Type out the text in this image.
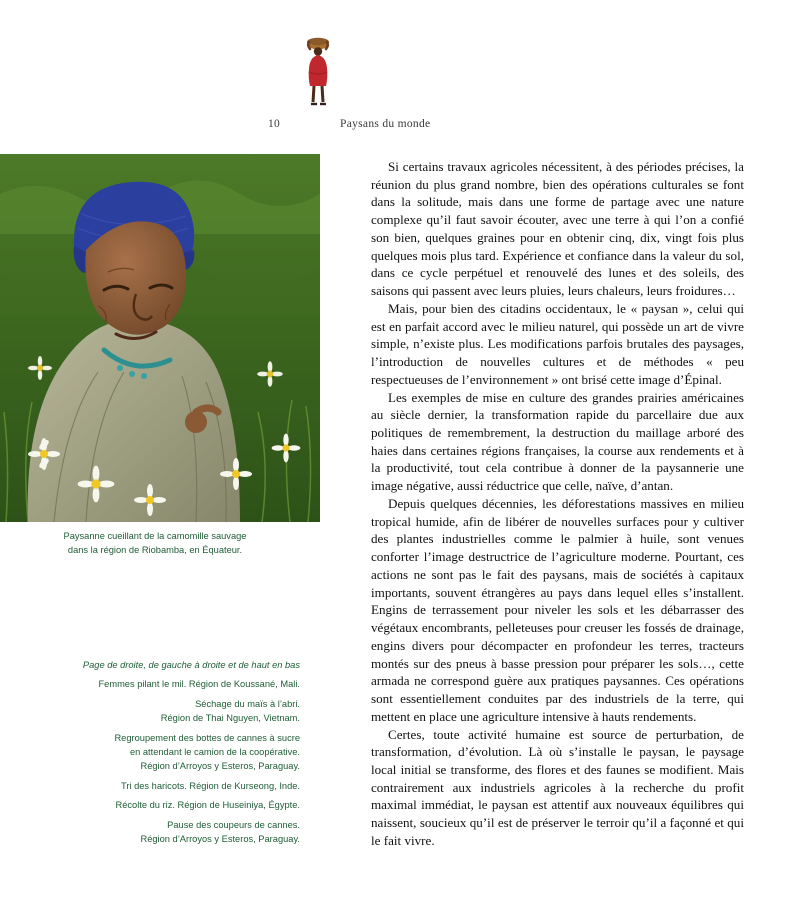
10	Paysans du monde
Paysanne cueillant de la camomille sauvage
dans la région de Riobamba, en Équateur.
Page de droite, de gauche à droite et de haut en bas
Femmes pilant le mil. Région de Koussané, Mali.
Séchage du maïs à l’abri.
Région de Thai Nguyen, Vietnam.
Regroupement des bottes de cannes à sucre
en attendant le camion de la coopérative.
Région d’Arroyos y Esteros, Paraguay.
Tri des haricots. Région de Kurseong, Inde.
Récolte du riz. Région de Huseiniya, Égypte.
Pause des coupeurs de cannes.
Région d’Arroyos y Esteros, Paraguay.

Si certains travaux agricoles nécessitent, à des périodes précises, la réunion du plus grand nombre, bien des opérations culturales se font dans la solitude, mais dans une forme de partage avec une nature complexe qu’il faut savoir écouter, avec une terre à qui l’on a confié son bien, quelques graines pour en obtenir cinq, dix, vingt fois plus quelques mois plus tard. Expérience et confiance dans la valeur du sol, dans ce cycle perpétuel et renouvelé des lunes et des soleils, des saisons qui passent avec leurs pluies, leurs chaleurs, leurs froidures…

Mais, pour bien des citadins occidentaux, le « paysan », celui qui est en parfait accord avec le milieu naturel, qui possède un art de vivre simple, n’existe plus. Les modifications parfois brutales des paysages, l’introduction de nouvelles cultures et de méthodes « peu respectueuses de l’environnement » ont brisé cette image d’Épinal.

Les exemples de mise en culture des grandes prairies américaines au siècle dernier, la transformation rapide du parcellaire due aux politiques de remembrement, la destruction du maillage arboré des haies dans certaines régions françaises, la course aux rendements et à la productivité, tout cela contribue à donner de la paysannerie une image négative, aussi réductrice que celle, naïve, d’antan.

Depuis quelques décennies, les déforestations massives en milieu tropical humide, afin de libérer de nouvelles surfaces pour y cultiver des plantes industrielles comme le palmier à huile, sont venues conforter l’image destructrice de l’agriculture moderne. Pourtant, ces actions ne sont pas le fait des paysans, mais de sociétés à capitaux importants, souvent étrangères au pays dans lequel elles s’installent. Engins de terrassement pour niveler les sols et les débarrasser des végétaux encombrants, pelleteuses pour creuser les fossés de drainage, engins divers pour décompacter en profondeur les terres, tracteurs montés sur des pneus à basse pression pour préparer les sols…, cette armada ne correspond guère aux pratiques paysannes. Ces opérations sont essentiellement conduites par des industriels de la terre, qui mettent en place une agriculture intensive à hauts rendements.

Certes, toute activité humaine est source de perturbation, de transformation, d’évolution. Là où s’installe le paysan, le paysage local initial se transforme, des flores et des faunes se modifient. Mais contrairement aux industriels agricoles à la recherche du profit maximal immédiat, le paysan est attentif aux nouveaux équilibres qui naissent, soucieux qu’il est de préserver le terroir qu’il a façonné et qui le fait vivre.
